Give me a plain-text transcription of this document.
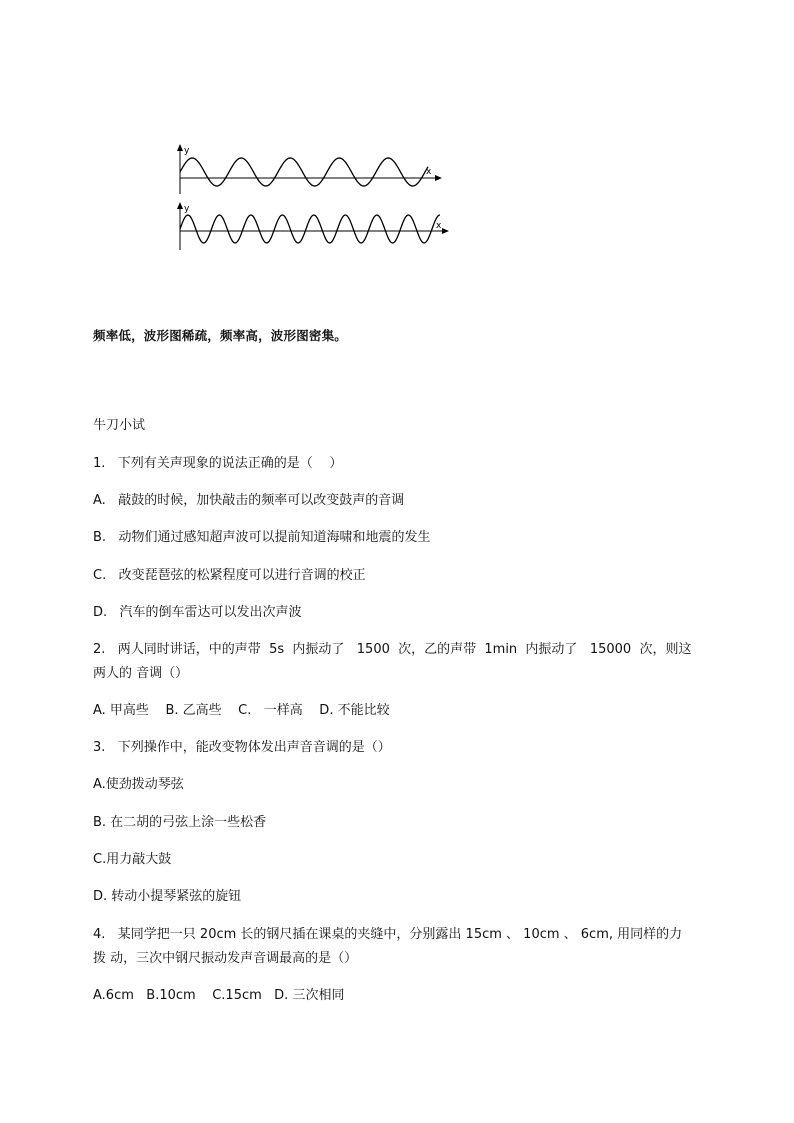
y
x
y
x
频率低，波形图稀疏，频率高，波形图密集。
牛刀小试
1.   下列有关声现象的说法正确的是（    ）
A.   敲鼓的时候，加快敲击的频率可以改变鼓声的音调
B.   动物们通过感知超声波可以提前知道海啸和地震的发生
C.   改变琵琶弦的松紧程度可以进行音调的校正
D.   汽车的倒车雷达可以发出次声波
2.   两人同时讲话，中的声带  5s  内振动了   1500  次，乙的声带  1min  内振动了   15000  次，则这
两人的 音调（）
A. 甲高些    B. 乙高些    C.   一样高    D. 不能比较
3.   下列操作中，能改变物体发出声音音调的是（）
A.使劲拨动琴弦
B. 在二胡的弓弦上涂一些松香
C.用力敲大鼓
D. 转动小提琴紧弦的旋钮
4.   某同学把一只 20cm 长的钢尺插在课桌的夹缝中，分别露出 15cm 、 10cm 、 6cm, 用同样的力
拨 动，三次中钢尺振动发声音调最高的是（）
A.6cm   B.10cm    C.15cm   D. 三次相同
